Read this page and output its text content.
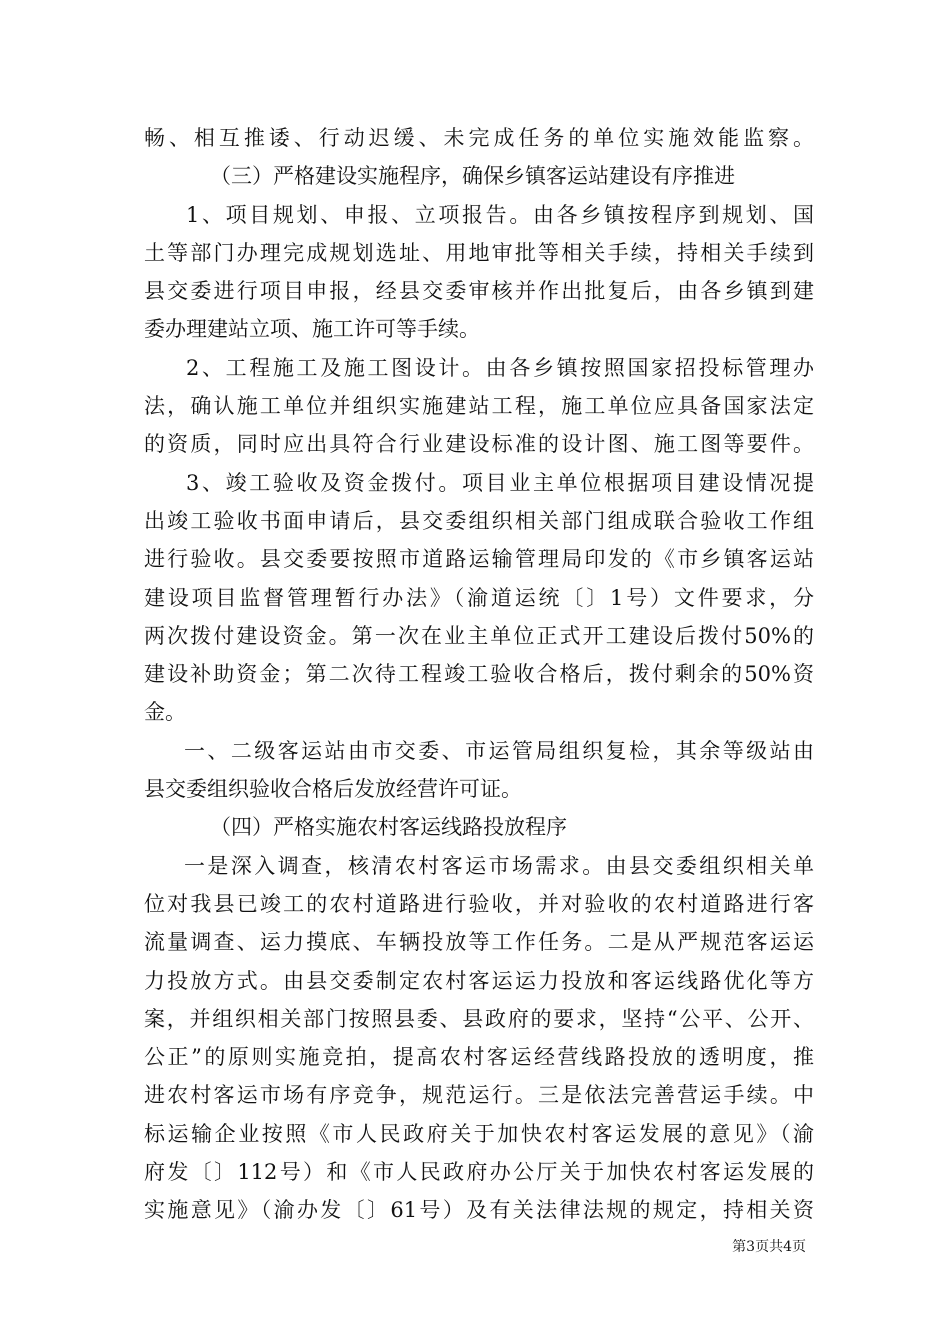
畅、相互推诿、行动迟缓、未完成任务的单位实施效能监察。
（三）严格建设实施程序，确保乡镇客运站建设有序推进
1、项目规划、申报、立项报告。由各乡镇按程序到规划、国
土等部门办理完成规划选址、用地审批等相关手续，持相关手续到
县交委进行项目申报，经县交委审核并作出批复后，由各乡镇到建
委办理建站立项、施工许可等手续。
2、工程施工及施工图设计。由各乡镇按照国家招投标管理办
法，确认施工单位并组织实施建站工程，施工单位应具备国家法定
的资质，同时应出具符合行业建设标准的设计图、施工图等要件。
3、竣工验收及资金拨付。项目业主单位根据项目建设情况提
出竣工验收书面申请后，县交委组织相关部门组成联合验收工作组
进行验收。县交委要按照市道路运输管理局印发的《市乡镇客运站
建设项目监督管理暂行办法》（渝道运统〔〕1号）文件要求，分
两次拨付建设资金。第一次在业主单位正式开工建设后拨付50%的
建设补助资金；第二次待工程竣工验收合格后，拨付剩余的50%资
金。
一、二级客运站由市交委、市运管局组织复检，其余等级站由
县交委组织验收合格后发放经营许可证。
（四）严格实施农村客运线路投放程序
一是深入调查，核清农村客运市场需求。由县交委组织相关单
位对我县已竣工的农村道路进行验收，并对验收的农村道路进行客
流量调查、运力摸底、车辆投放等工作任务。二是从严规范客运运
力投放方式。由县交委制定农村客运运力投放和客运线路优化等方
案，并组织相关部门按照县委、县政府的要求，坚持“公平、公开、
公正”的原则实施竞拍，提高农村客运经营线路投放的透明度，推
进农村客运市场有序竞争，规范运行。三是依法完善营运手续。中
标运输企业按照《市人民政府关于加快农村客运发展的意见》（渝
府发〔〕112号）和《市人民政府办公厅关于加快农村客运发展的
实施意见》（渝办发〔〕61号）及有关法律法规的规定，持相关资
第3页共4页
